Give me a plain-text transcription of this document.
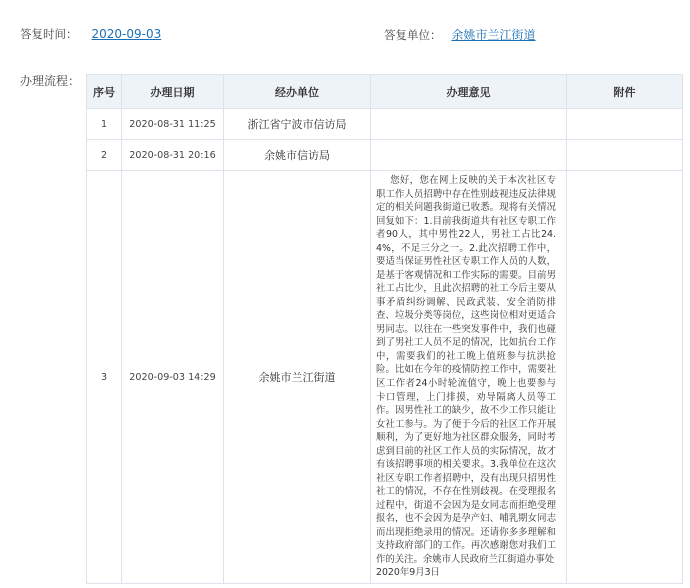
答复时间： 2020-09-03	答复单位： 余姚市兰江街道
办理流程：
序号	办理日期	经办单位	办理意见	附件
1	2020-08-31 11:25	浙江省宁波市信访局		
2	2020-08-31 20:16	余姚市信访局		
3	2020-09-03 14:29	余姚市兰江街道	您好，您在网上反映的关于本次社区专职工作人员招聘中存在性别歧视违反法律规定的相关问题我街道已收悉。现将有关情况回复如下：1.目前我街道共有社区专职工作者90人，其中男性22人，男社工占比24.4%，不足三分之一。2.此次招聘工作中，要适当保证男性社区专职工作人员的人数，是基于客观情况和工作实际的需要。目前男社工占比少，且此次招聘的社工今后主要从事矛盾纠纷调解、民政武装、安全消防排查、垃圾分类等岗位，这些岗位相对更适合男同志。以往在一些突发事件中，我们也碰到了男社工人员不足的情况，比如抗台工作中，需要我们的社工晚上值班参与抗洪抢险。比如在今年的疫情防控工作中，需要社区工作者24小时轮流值守，晚上也要参与卡口管理，上门排摸，劝导隔离人员等工作。因男性社工的缺少，故不少工作只能让女社工参与。为了便于今后的社区工作开展顺利，为了更好地为社区群众服务，同时考虑到目前的社区工作人员的实际情况，故才有该招聘事项的相关要求。3.我单位在这次社区专职工作者招聘中，没有出现只招男性社工的情况，不存在性别歧视。在受理报名过程中，街道不会因为是女同志而拒绝受理报名，也不会因为是孕产妇、哺乳期女同志而出现拒绝录用的情况。还请你多多理解和支持政府部门的工作。再次感谢您对我们工作的关注。余姚市人民政府兰江街道办事处
2020年9月3日	
